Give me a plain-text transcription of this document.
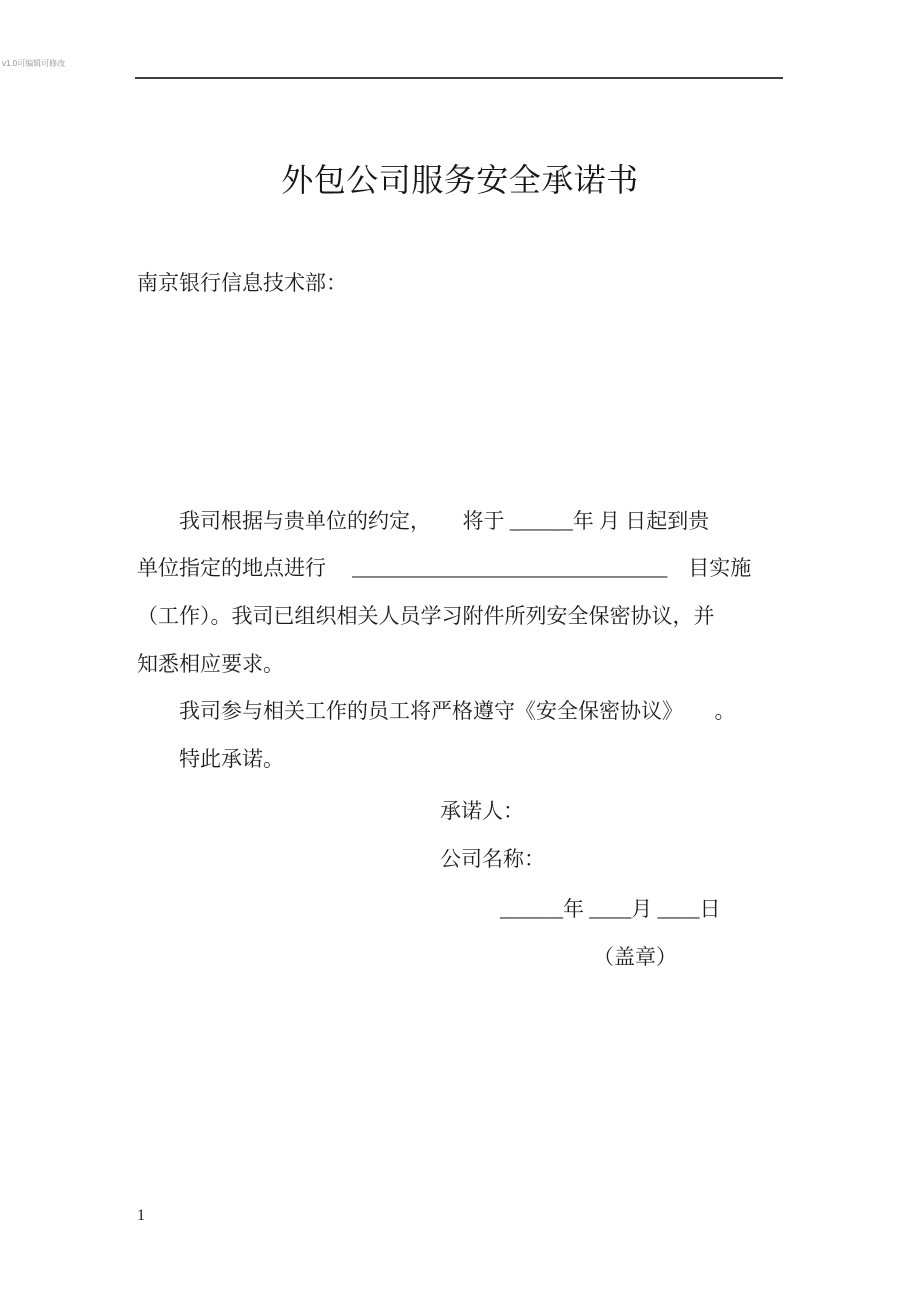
v1.0可编辑可修改
外包公司服务安全承诺书
南京银行信息技术部：

我司根据与贵单位的约定，　　将于 ______年 月 日起到贵
单位指定的地点进行 　______________________________　目实施
（工作）。我司已组织相关人员学习附件所列安全保密协议，并
知悉相应要求。
我司参与相关工作的员工将严格遵守《安全保密协议》　　。
特此承诺。
承诺人：
公司名称：
______年 ____月 ____日
（盖章）
1
